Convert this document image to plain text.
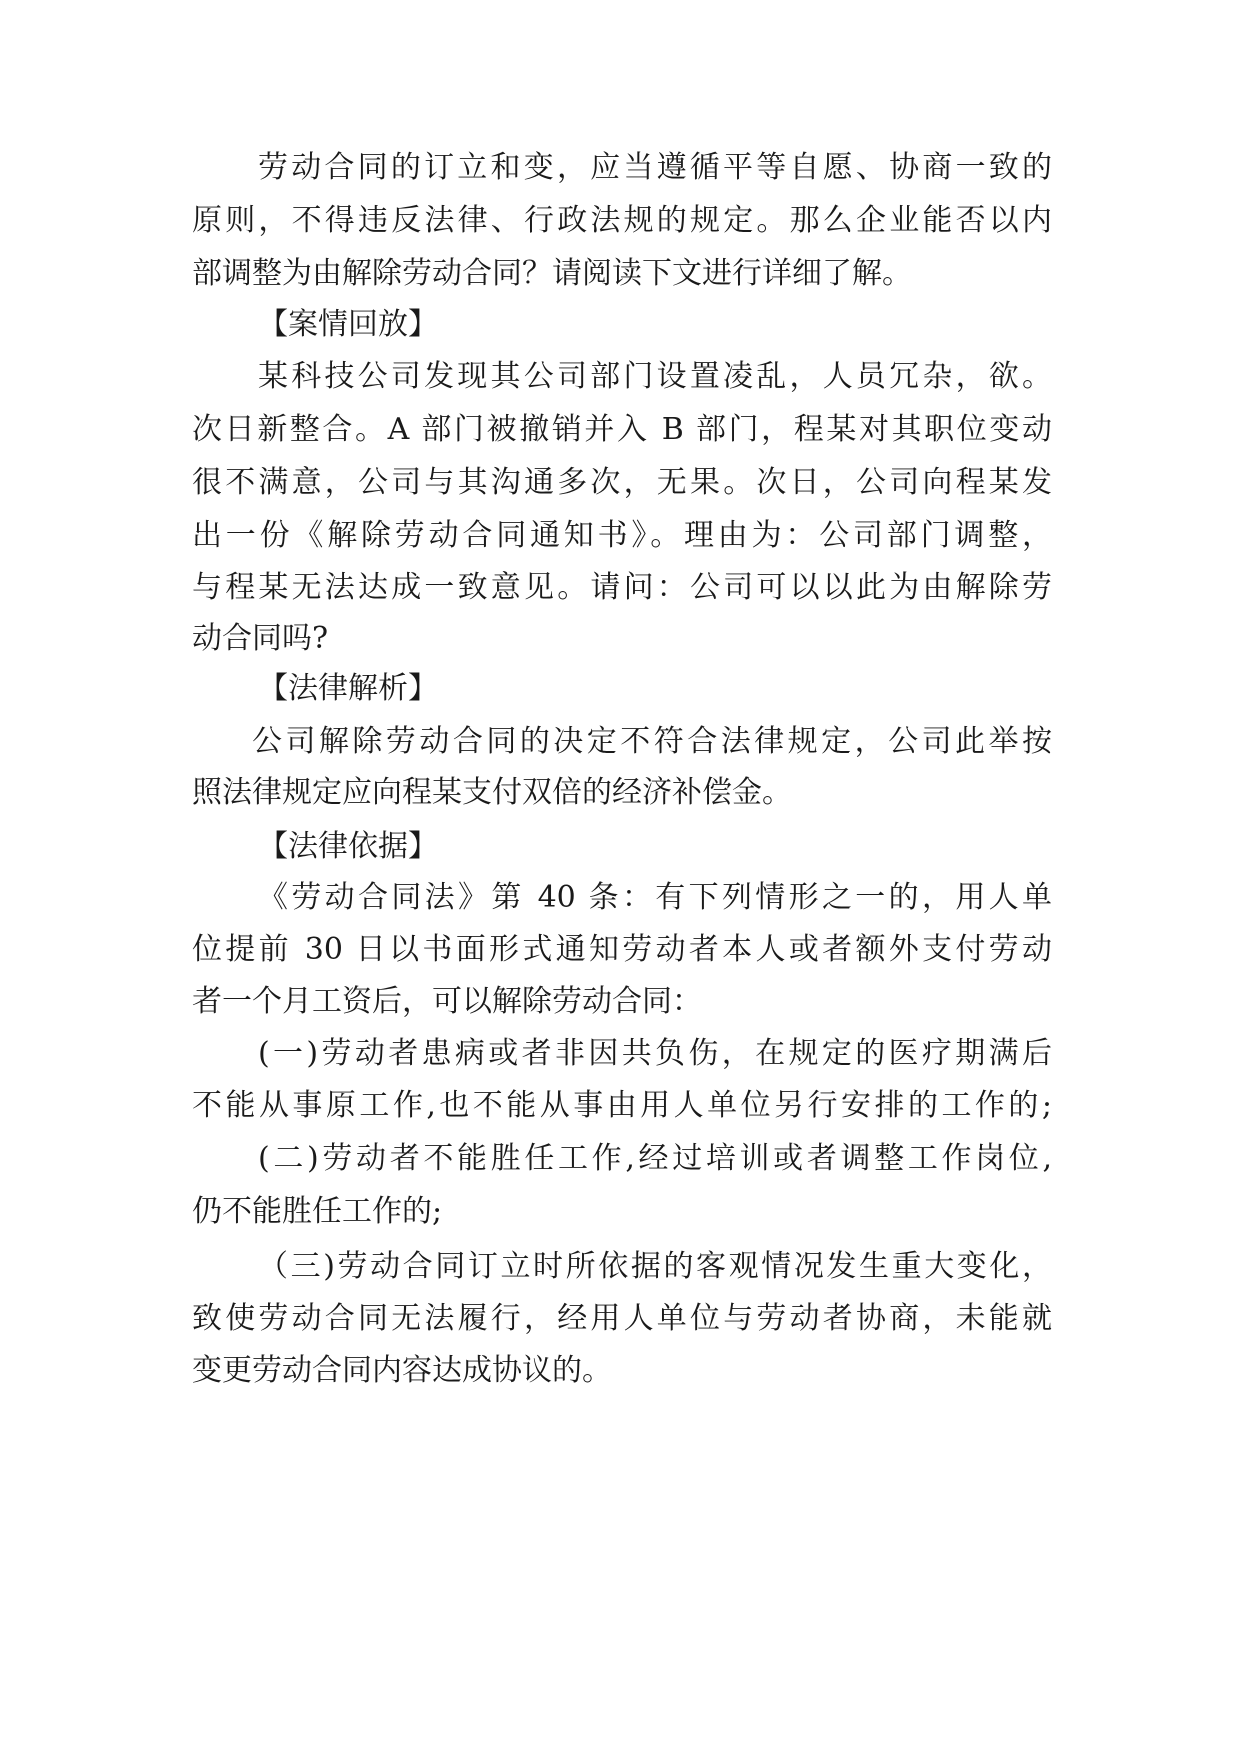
劳动合同的订立和变，应当遵循平等自愿、协商一致的
原则，不得违反法律、行政法规的规定。那么企业能否以内
部调整为由解除劳动合同？请阅读下文进行详细了解。
【案情回放】
某科技公司发现其公司部门设置凌乱，人员冗杂，欲。
次日新整合。A 部门被撤销并入 B 部门，程某对其职位变动
很不满意，公司与其沟通多次，无果。次日，公司向程某发
出一份《解除劳动合同通知书》。理由为：公司部门调整，
与程某无法达成一致意见。请问：公司可以以此为由解除劳
动合同吗?
【法律解析】
公司解除劳动合同的决定不符合法律规定，公司此举按
照法律规定应向程某支付双倍的经济补偿金。
【法律依据】
《劳动合同法》第 40 条：有下列情形之一的，用人单
位提前 30 日以书面形式通知劳动者本人或者额外支付劳动
者一个月工资后，可以解除劳动合同：
(一)劳动者患病或者非因共负伤，在规定的医疗期满后
不能从事原工作,也不能从事由用人单位另行安排的工作的;
(二)劳动者不能胜任工作,经过培训或者调整工作岗位,
仍不能胜任工作的;
（三)劳动合同订立时所依据的客观情况发生重大变化，
致使劳动合同无法履行，经用人单位与劳动者协商，未能就
变更劳动合同内容达成协议的。
